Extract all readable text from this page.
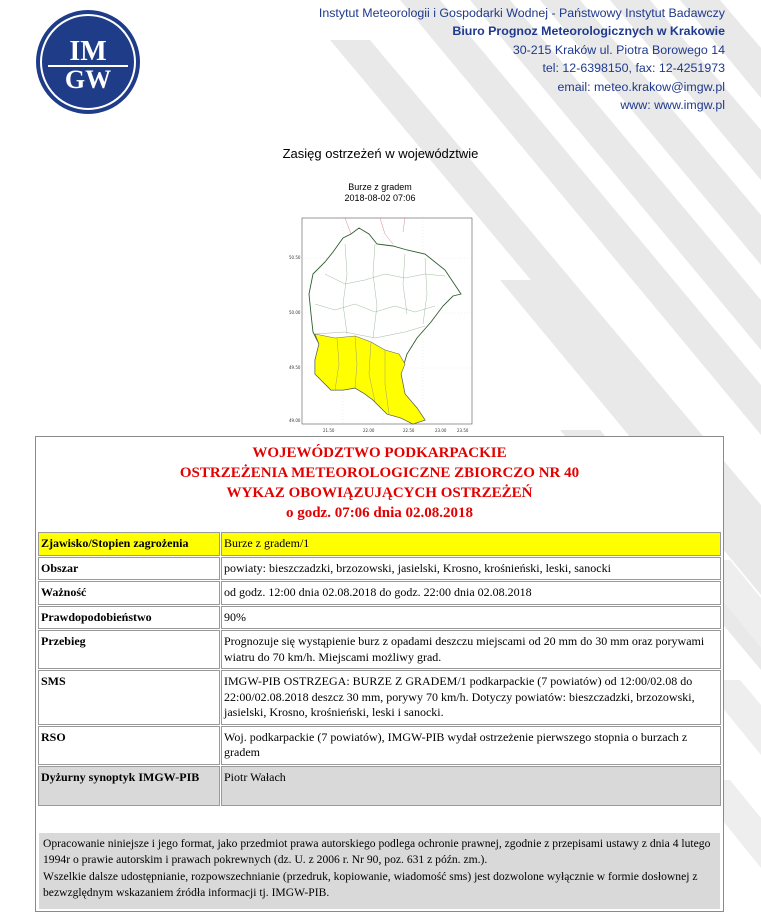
IM
GW
Instytut Meteorologii i Gospodarki Wodnej - Państwowy Instytut Badawczy
Biuro Prognoz Meteorologicznych w Krakowie
30-215 Kraków ul. Piotra Borowego 14
tel: 12-6398150, fax: 12-4251973
email: meteo.krakow@imgw.pl
www: www.imgw.pl
Zasięg ostrzeżeń w województwie
Burze z gradem
2018-08-02 07:06
50.50
50.00
49.50
49.00
21.50	22.00	22.50	23.00	23.50
WOJEWÓDZTWO PODKARPACKIE
OSTRZEŻENIA METEOROLOGICZNE ZBIORCZO NR 40
WYKAZ OBOWIĄZUJĄCYCH OSTRZEŻEŃ
o godz. 07:06 dnia 02.08.2018
Zjawisko/Stopien zagrożenia	Burze z gradem/1
Obszar	powiaty: bieszczadzki, brzozowski, jasielski, Krosno, krośnieński, leski, sanocki
Ważność	od godz. 12:00 dnia 02.08.2018 do godz. 22:00 dnia 02.08.2018
Prawdopodobieństwo	90%
Przebieg	Prognozuje się wystąpienie burz z opadami deszczu miejscami od 20 mm do 30 mm oraz porywami wiatru do 70 km/h. Miejscami możliwy grad.
SMS	IMGW-PIB OSTRZEGA: BURZE Z GRADEM/1 podkarpackie (7 powiatów) od 12:00/02.08 do 22:00/02.08.2018 deszcz 30 mm, porywy 70 km/h. Dotyczy powiatów: bieszczadzki, brzozowski, jasielski, Krosno, krośnieński, leski i sanocki.
RSO	Woj. podkarpackie (7 powiatów), IMGW-PIB wydał ostrzeżenie pierwszego stopnia o burzach z gradem
Dyżurny synoptyk IMGW-PIB	Piotr Wałach
Opracowanie niniejsze i jego format, jako przedmiot prawa autorskiego podlega ochronie prawnej, zgodnie z przepisami ustawy z dnia 4 lutego 1994r o prawie autorskim i prawach pokrewnych (dz. U. z 2006 r. Nr 90, poz. 631 z późn. zm.).
Wszelkie dalsze udostępnianie, rozpowszechnianie (przedruk, kopiowanie, wiadomość sms) jest dozwolone wyłącznie w formie dosłownej z bezwzględnym wskazaniem źródła informacji tj. IMGW-PIB.
